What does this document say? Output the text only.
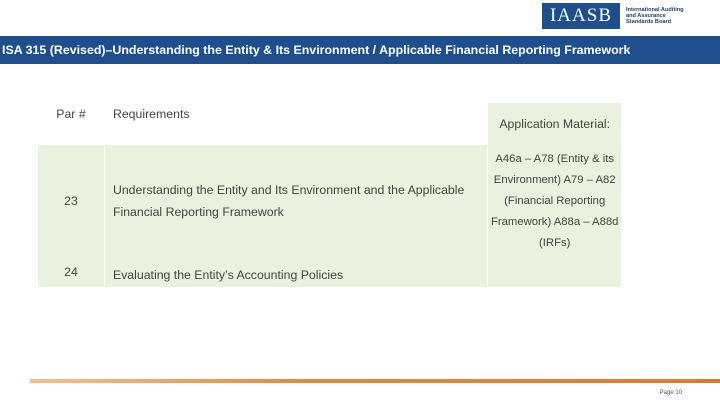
IAASB	International Auditing and Assurance Standards Board
ISA 315 (Revised)–Understanding the Entity & Its Environment / Applicable Financial Reporting Framework
Par #	Requirements	Application Material:
23	Understanding the Entity and Its Environment and the Applicable Financial Reporting Framework	A46a – A78 (Entity & its Environment) A79 – A82 (Financial Reporting Framework) A88a – A88d (IRFs)

24	Evaluating the Entity’s Accounting Policies	

Page 10
